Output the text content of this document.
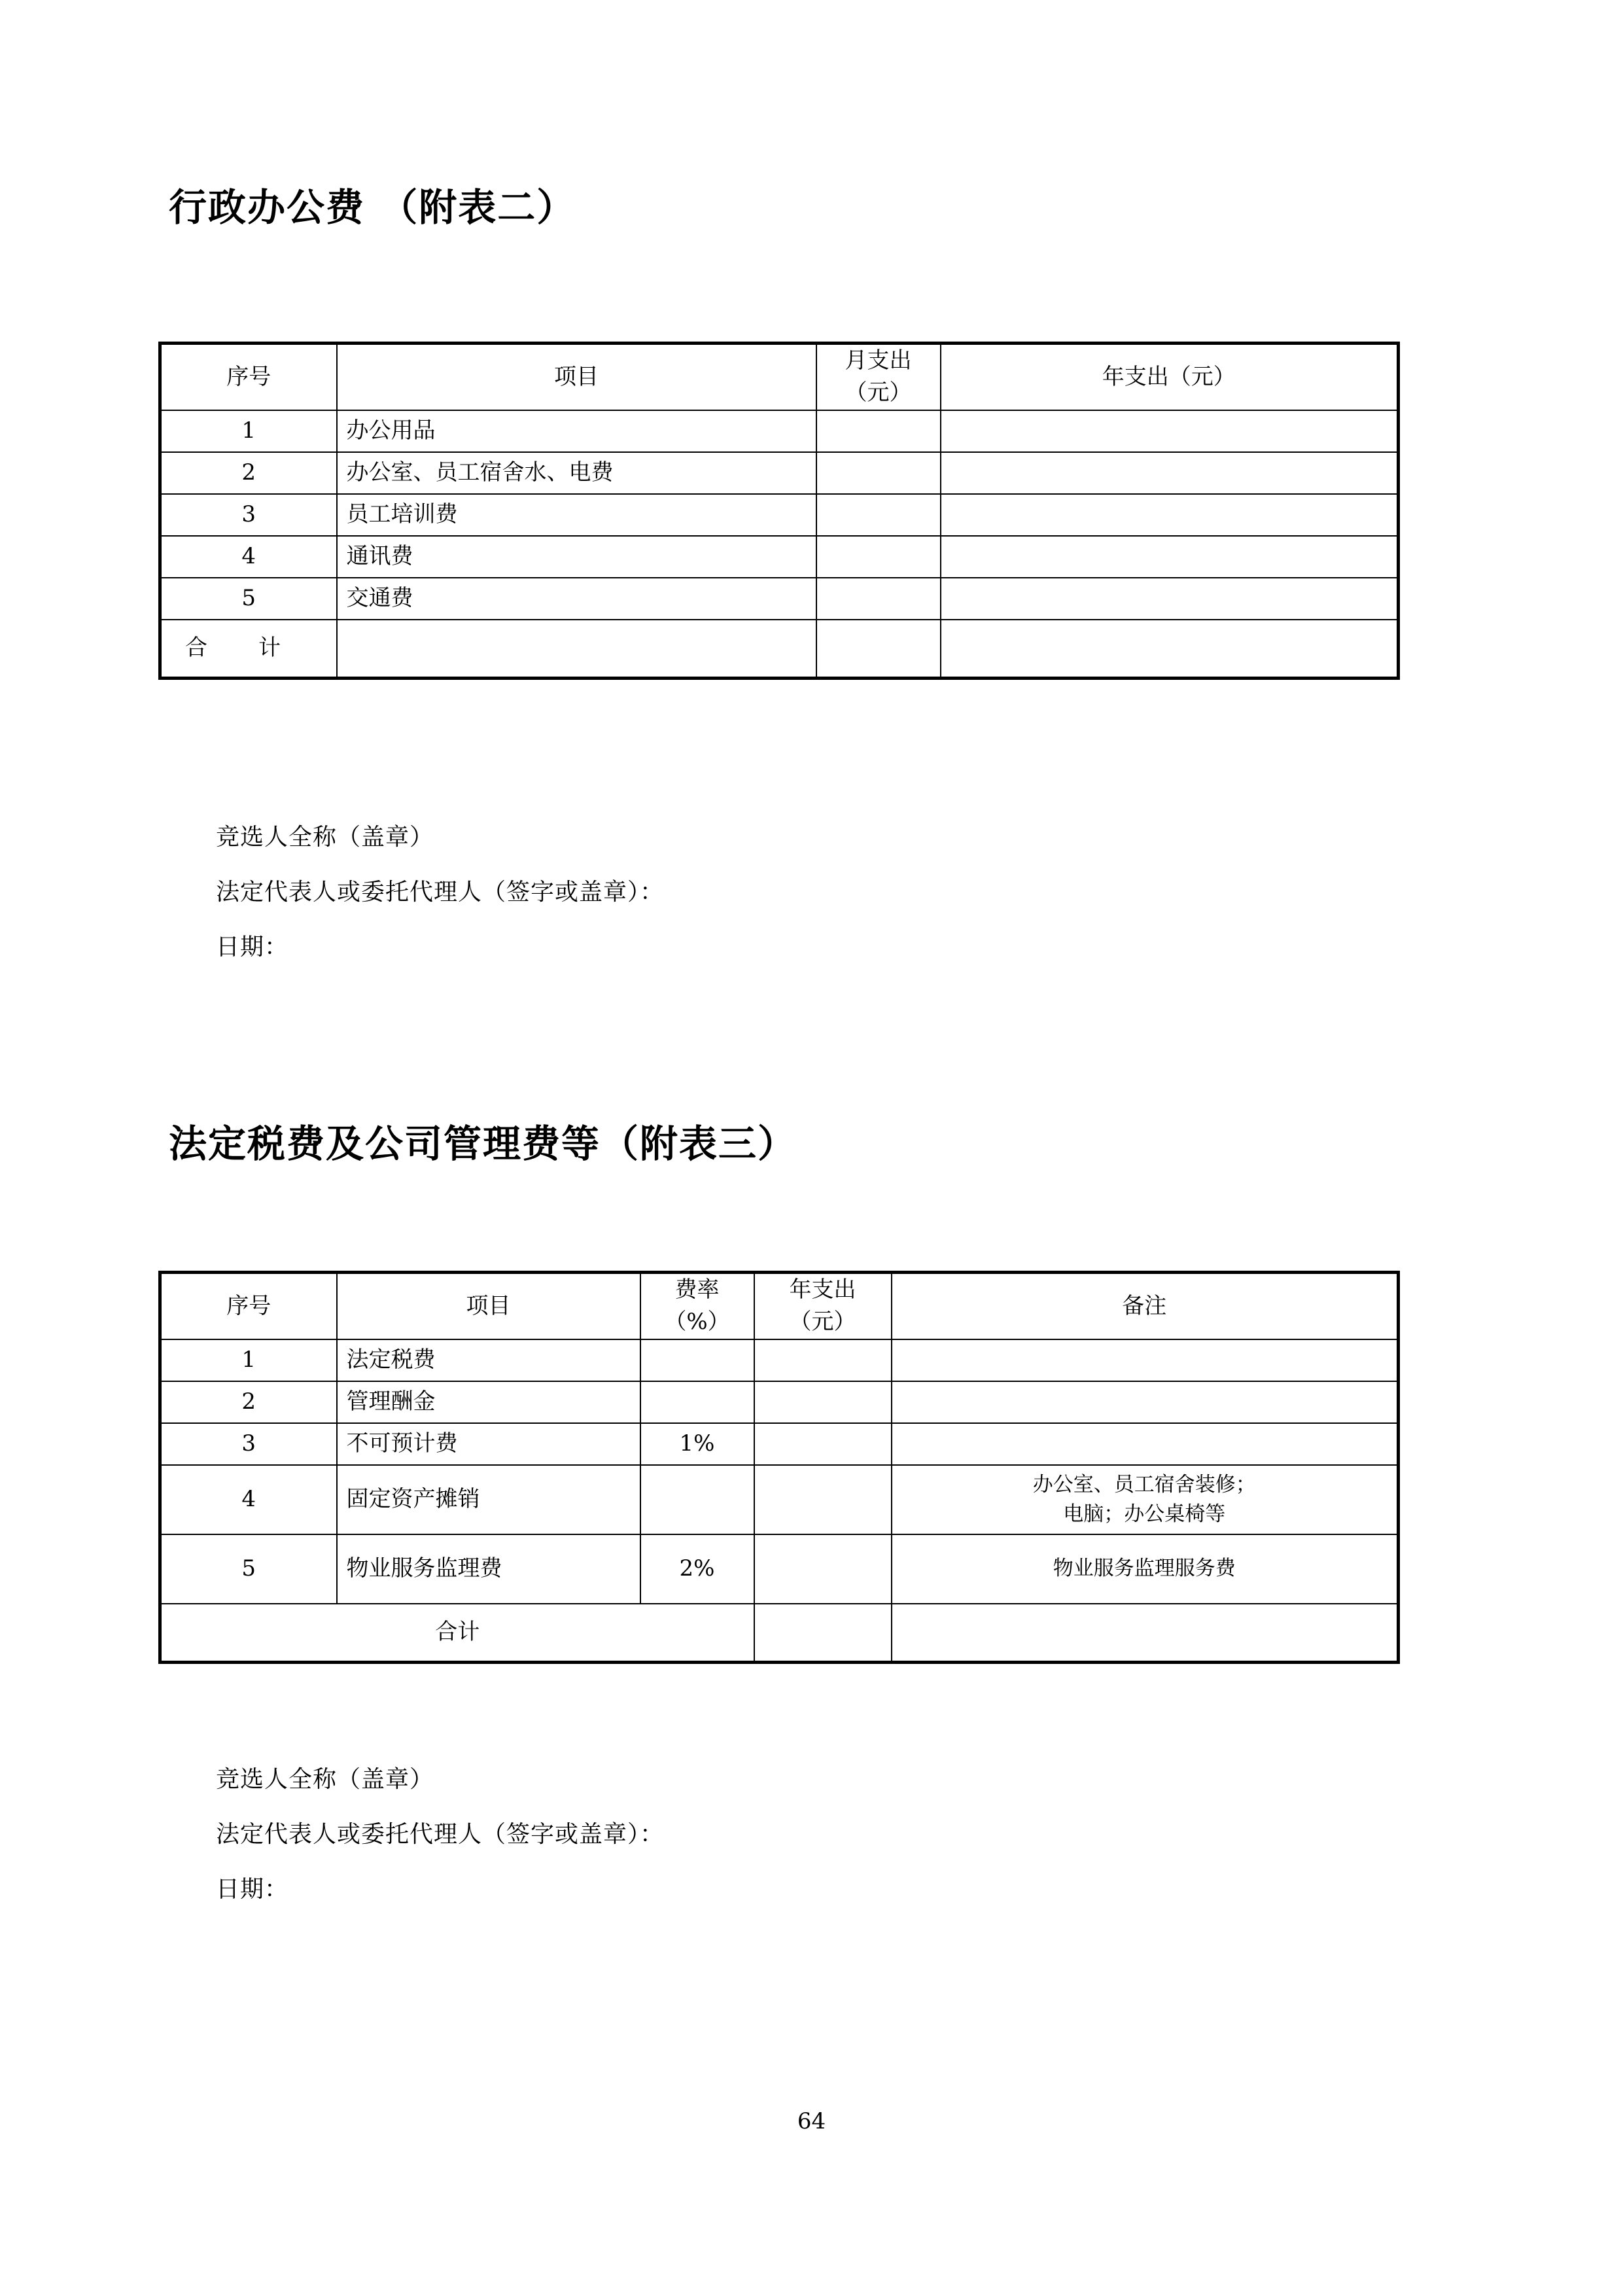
行政办公费 （附表二）
序号	项目	月支出（元）	年支出（元）
1	办公用品		
2	办公室、员工宿舍水、电费		
3	员工培训费		
4	通讯费		
5	交通费		
合　计			

竞选人全称（盖章）

法定代表人或委托代理人（签字或盖章）：

日期：

法定税费及公司管理费等（附表三）
序号	项目	费率（%）	年支出（元）	备注
1	法定税费			
2	管理酬金			
3	不可预计费	1%		
4	固定资产摊销			办公室、员工宿舍装修；
电脑；办公桌椅等

5	物业服务监理费	2%		物业服务监理服务费
合计				

竞选人全称（盖章）

法定代表人或委托代理人（签字或盖章）：

日期：

64
